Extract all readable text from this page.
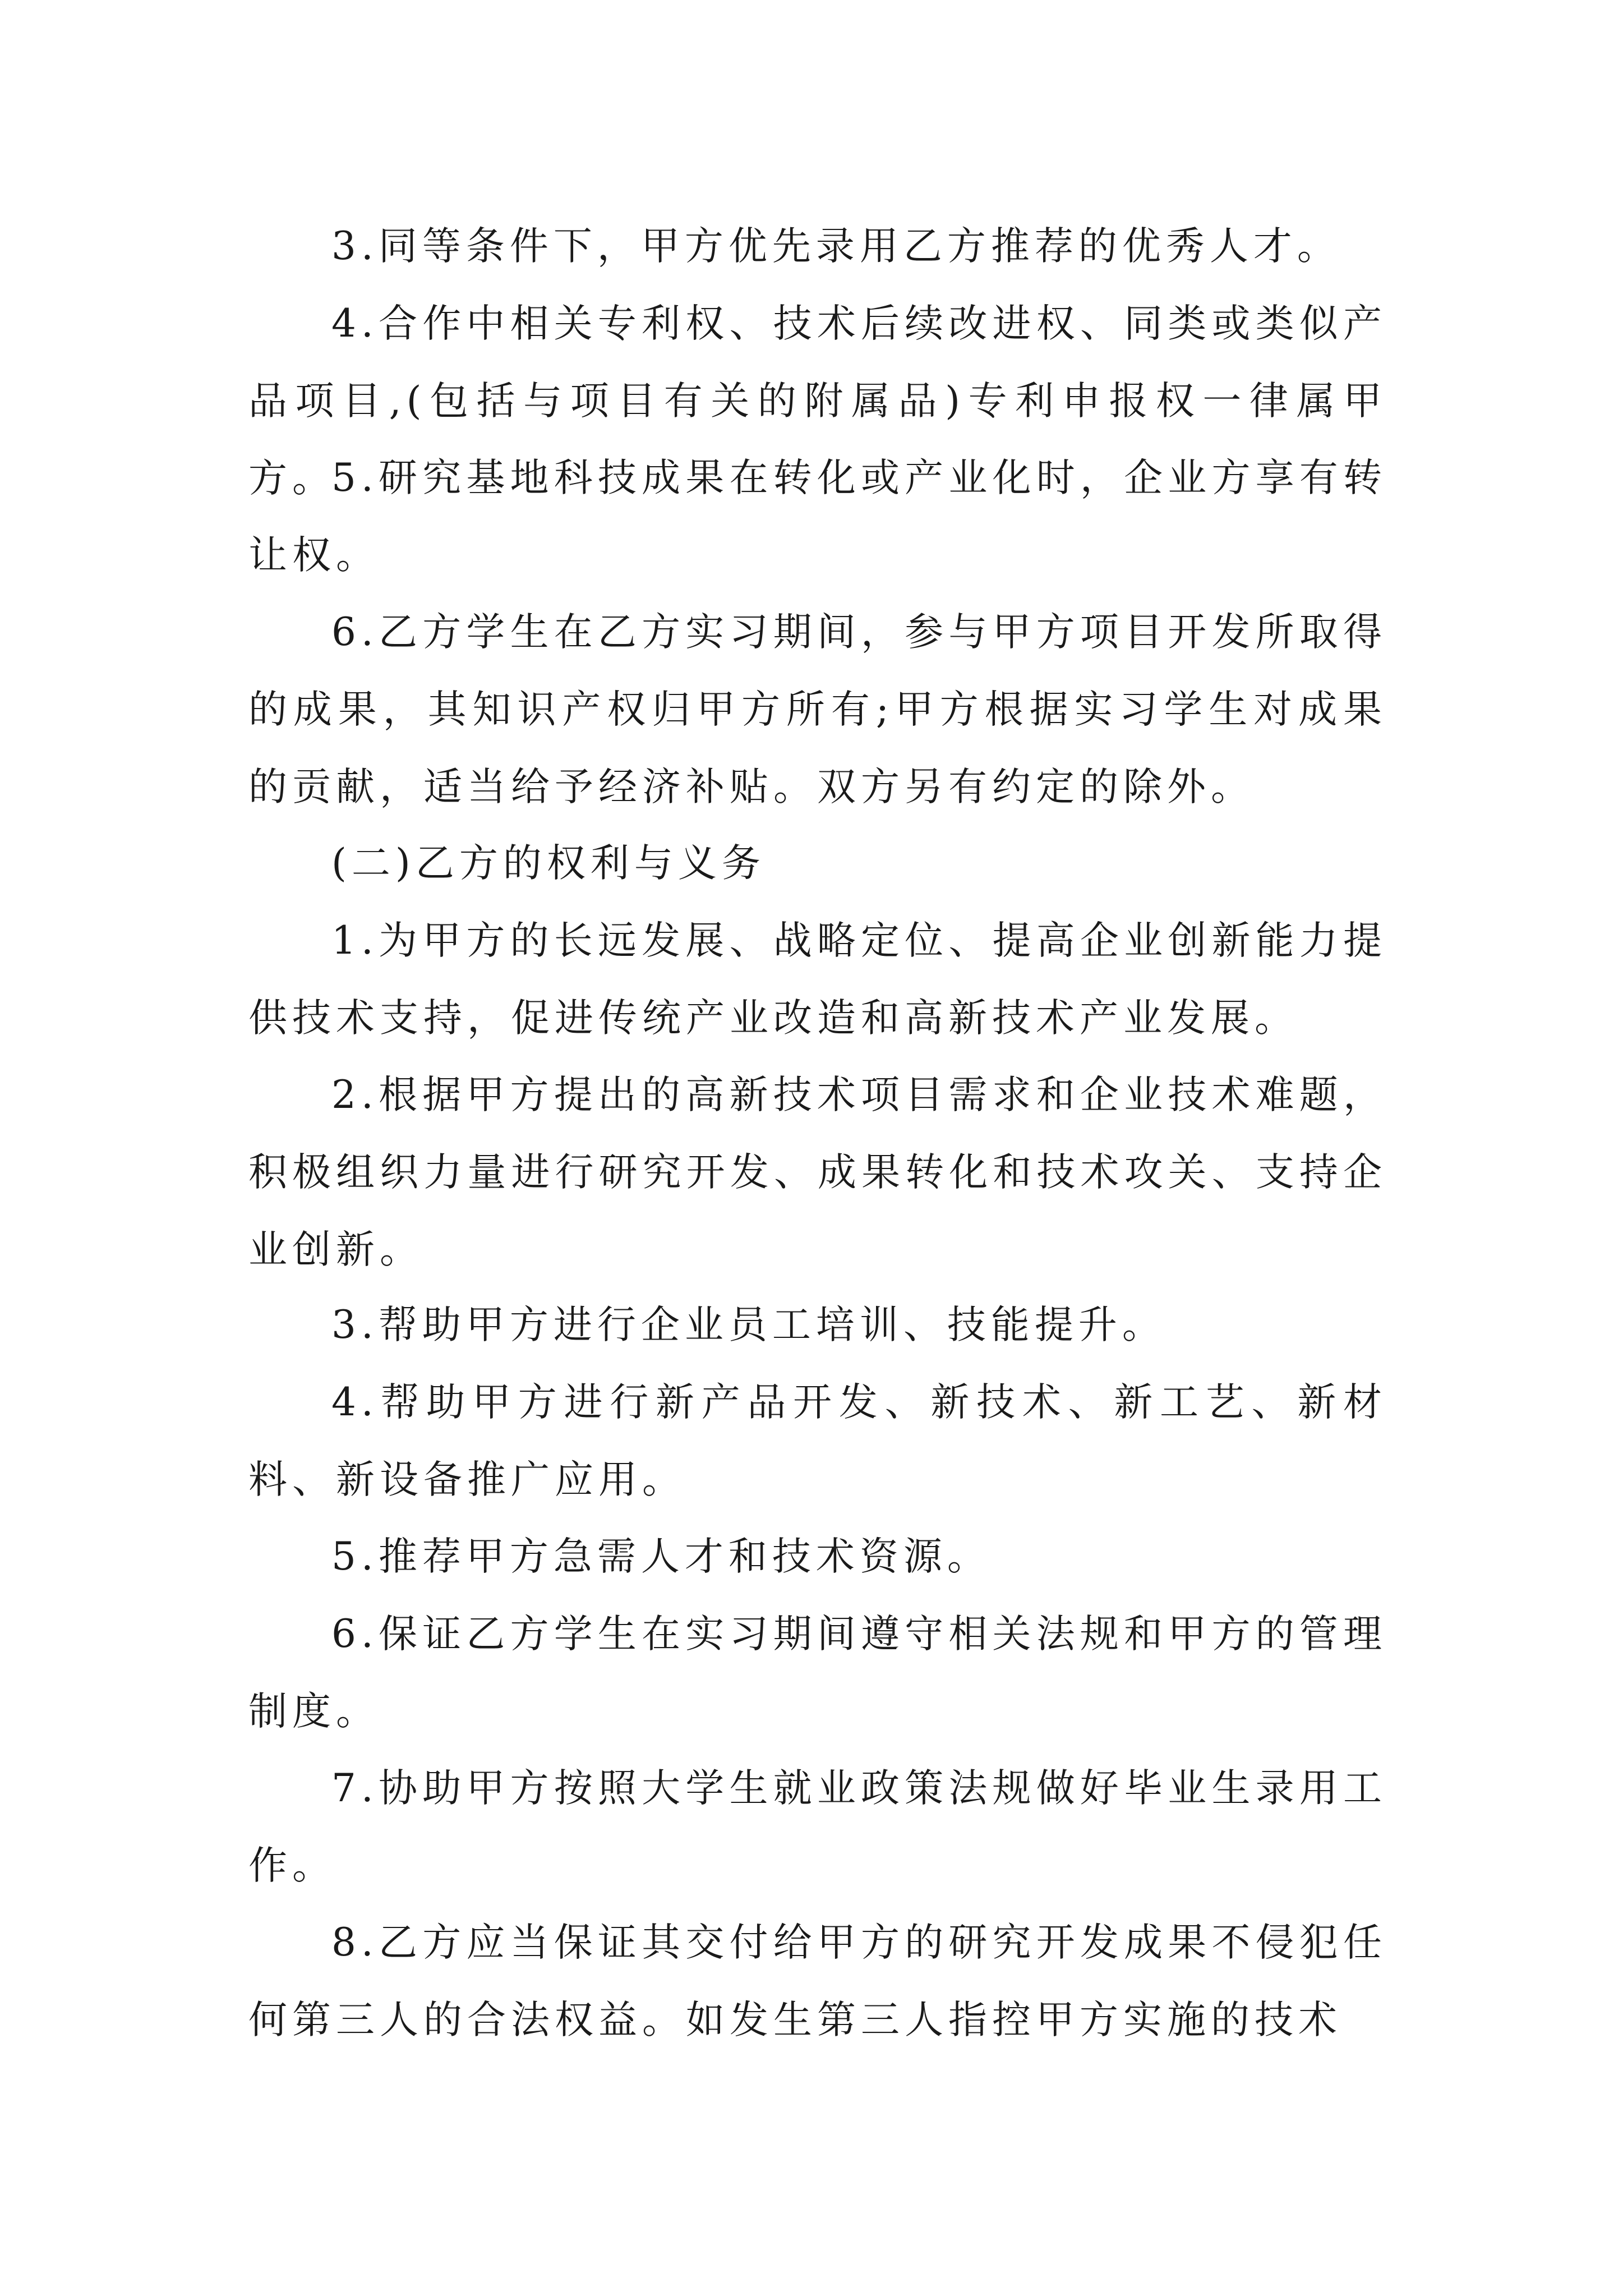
3.同等条件下，甲方优先录用乙方推荐的优秀人才。

4.合作中相关专利权、技术后续改进权、同类或类似产品项目,(包括与项目有关的附属品)专利申报权一律属甲方。

5.研究基地科技成果在转化或产业化时，企业方享有转让权。

6.乙方学生在乙方实习期间，参与甲方项目开发所取得的成果，其知识产权归甲方所有;甲方根据实习学生对成果的贡献，适当给予经济补贴。双方另有约定的除外。

(二)乙方的权利与义务

1.为甲方的长远发展、战略定位、提高企业创新能力提供技术支持，促进传统产业改造和高新技术产业发展。

2.根据甲方提出的高新技术项目需求和企业技术难题，积极组织力量进行研究开发、成果转化和技术攻关、支持企业创新。

3.帮助甲方进行企业员工培训、技能提升。

4.帮助甲方进行新产品开发、新技术、新工艺、新材料、新设备推广应用。

5.推荐甲方急需人才和技术资源。

6.保证乙方学生在实习期间遵守相关法规和甲方的管理制度。

7.协助甲方按照大学生就业政策法规做好毕业生录用工作。

8.乙方应当保证其交付给甲方的研究开发成果不侵犯任何第三人的合法权益。如发生第三人指控甲方实施的技术
